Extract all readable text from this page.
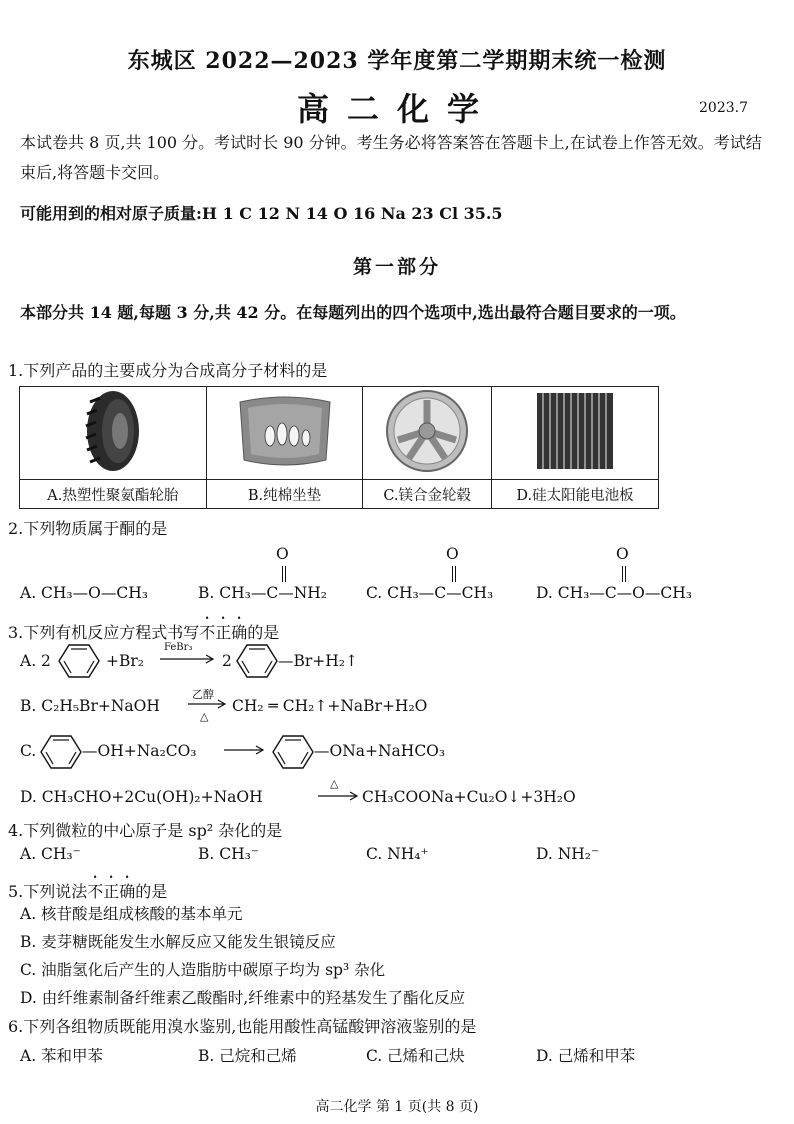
东城区 2022—2023 学年度第二学期期末统一检测
高二化学	2023.7
本试卷共 8 页,共 100 分。考试时长 90 分钟。考生务必将答案答在答题卡上,在试卷上作答无效。考试结束后,将答题卡交回。
可能用到的相对原子质量:H 1 C 12 N 14 O 16 Na 23 Cl 35.5
第一部分
本部分共 14 题,每题 3 分,共 42 分。在每题列出的四个选项中,选出最符合题目要求的一项。
1.下列产品的主要成分为合成高分子材料的是

A.热塑性聚氨酯轮胎	B.纯棉坐垫	C.镁合金轮毂	D.硅太阳能电池板
2.下列物质属于酮的是
A. CH₃—O—CH₃
O
B. CH₃—C—NH₂
O
C. CH₃—C—CH₃
O
D. CH₃—C—O—CH₃
3.下列有机反应方程式书写不正确的是
A. 2	+Br₂
FeBr₃
2	—Br+H₂↑
B. C₂H₅Br+NaOH
乙醇
△
CH₂ ═ CH₂↑+NaBr+H₂O
C.	—OH+Na₂CO₃	—ONa+NaHCO₃
D. CH₃CHO+2Cu(OH)₂+NaOH
△
CH₃COONa+Cu₂O↓+3H₂O
4.下列微粒的中心原子是 sp² 杂化的是
A. CH₃⁻	B. CH₃⁻	C. NH₄⁺	D. NH₂⁻
5.下列说法不正确的是
A. 核苷酸是组成核酸的基本单元
B. 麦芽糖既能发生水解反应又能发生银镜反应
C. 油脂氢化后产生的人造脂肪中碳原子均为 sp³ 杂化
D. 由纤维素制备纤维素乙酸酯时,纤维素中的羟基发生了酯化反应
6.下列各组物质既能用溴水鉴别,也能用酸性高锰酸钾溶液鉴别的是
A. 苯和甲苯	B. 己烷和己烯	C. 己烯和己炔	D. 己烯和甲苯
高二化学 第 1 页(共 8 页)
